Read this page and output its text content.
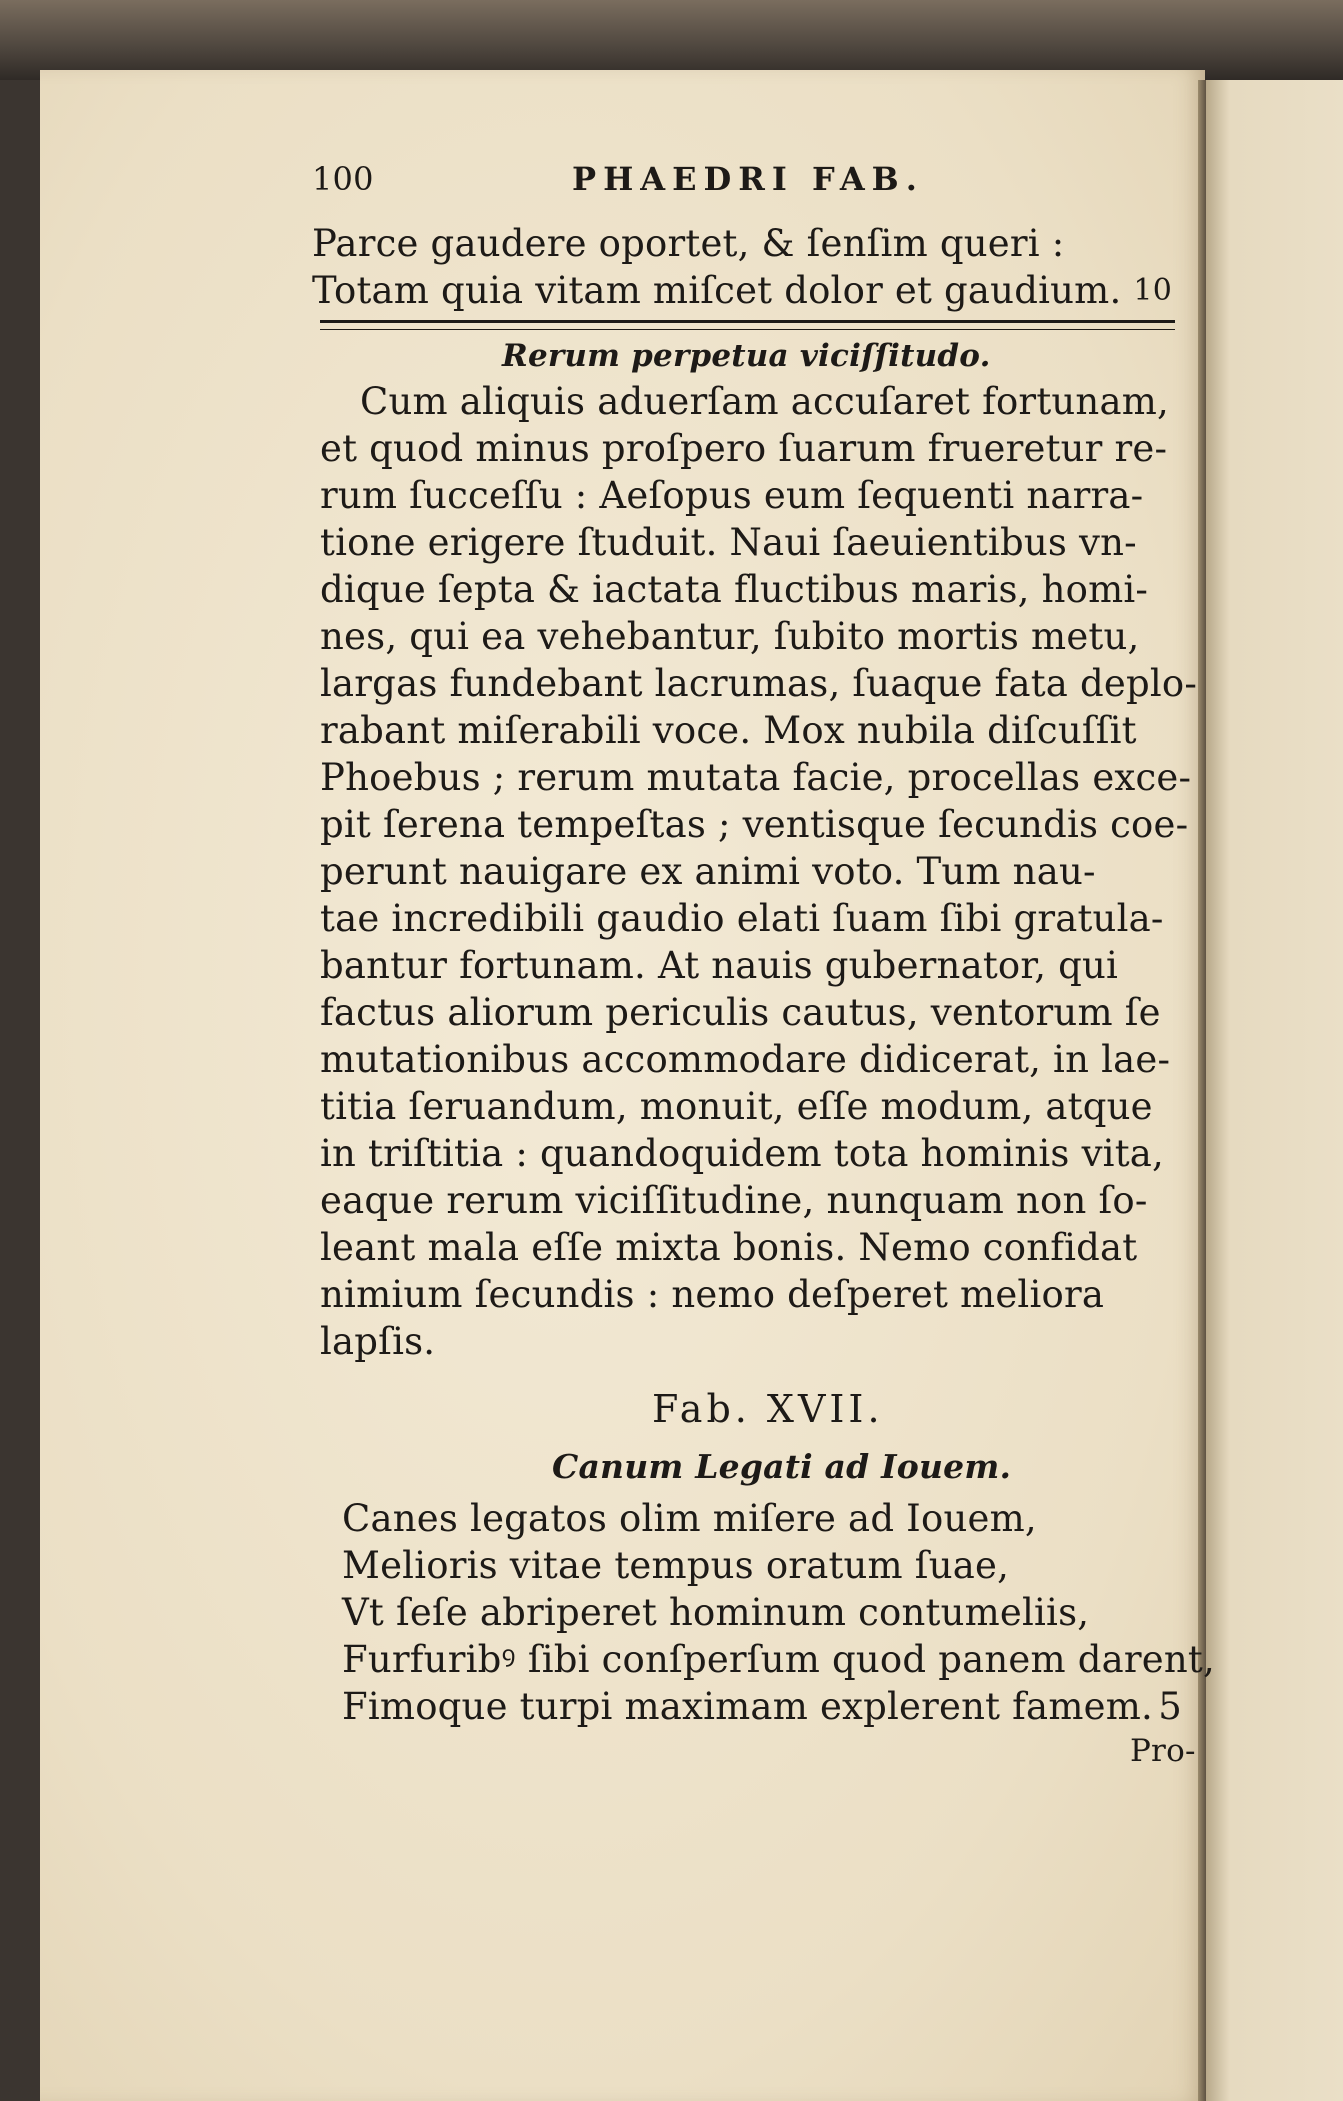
100	PHAEDRI FAB.
Parce gaudere oportet, & ſenſim queri :
Totam quia vitam miſcet dolor et gaudium. 10
Rerum perpetua viciſſitudo.
Cum aliquis aduerſam accuſaret fortunam,
et quod minus proſpero ſuarum frueretur re-
rum ſucceſſu : Aeſopus eum ſequenti narra-
tione erigere ſtuduit. Naui ſaeuientibus vn-
dique ſepta & iactata fluctibus maris, homi-
nes, qui ea vehebantur, ſubito mortis metu,
largas fundebant lacrumas, ſuaque fata deplo-
rabant miſerabili voce. Mox nubila diſcuſſit
Phoebus ; rerum mutata facie, procellas exce-
pit ſerena tempeſtas ; ventisque ſecundis coe-
perunt nauigare ex animi voto. Tum nau-
tae incredibili gaudio elati ſuam ſibi gratula-
bantur fortunam. At nauis gubernator, qui
factus aliorum periculis cautus, ventorum ſe
mutationibus accommodare didicerat, in lae-
titia ſeruandum, monuit, eſſe modum, atque
in triſtitia : quandoquidem tota hominis vita,
eaque rerum viciſſitudine, nunquam non ſo-
leant mala eſſe mixta bonis. Nemo confidat
nimium ſecundis : nemo deſperet meliora
lapſis.
Fab. XVII.
Canum Legati ad Iouem.
Canes legatos olim miſere ad Iouem,
Melioris vitae tempus oratum ſuae,
Vt ſeſe abriperet hominum contumeliis,
Furfuribꝰ ſibi conſperſum quod panem darent,
Fimoque turpi maximam explerent famem. 5
Pro-
